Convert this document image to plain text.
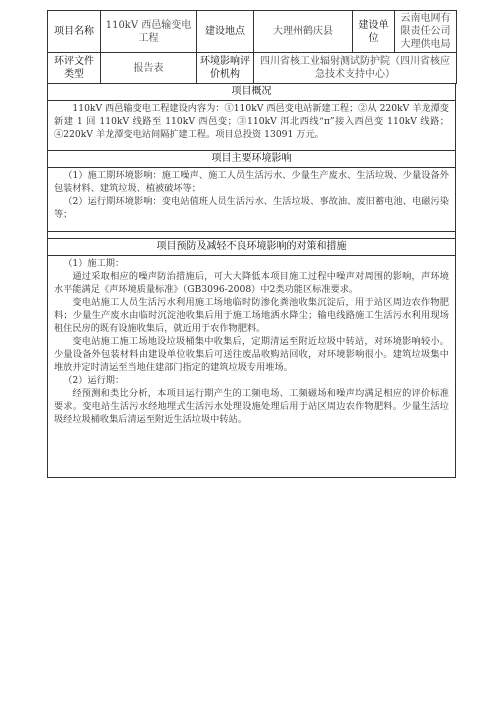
项目名称	110kV 西邑输变电工程	建设地点	大理州鹤庆县	建设单位	云南电网有限责任公司大理供电局
环评文件类型	报告表	环境影响评价机构	四川省核工业辐射测试防护院（四川省核应急技术支持中心）		
项目概况

110kV 西邑输变电工程建设内容为：①110kV 西邑变电站新建工程；②从 220kV 羊龙潭变新建 1 回 110kV 线路至 110kV 西邑变；③110kV 洱北西线“π”接入西邑变 110kV 线路；④220kV 羊龙潭变电站间隔扩建工程。项目总投资 13091 万元。

项目主要环境影响

（1）施工期环境影响：施工噪声、施工人员生活污水、少量生产废水、生活垃圾、少量设备外包装材料、建筑垃圾、植被破坏等；

（2）运行期环境影响：变电站值班人员生活污水、生活垃圾、事故油、废旧蓄电池、电磁污染等；

项目预防及减轻不良环境影响的对策和措施

（1）施工期：

通过采取相应的噪声防治措施后，可大大降低本项目施工过程中噪声对周围的影响，声环境水平能满足《声环境质量标准》（GB3096-2008）中2类功能区标准要求。

变电站施工人员生活污水利用施工场地临时防渗化粪池收集沉淀后，用于站区周边农作物肥料；少量生产废水由临时沉淀池收集后用于施工场地洒水降尘；输电线路施工生活污水利用现场租住民房的既有设施收集后，就近用于农作物肥料。

变电站施工施工场地设垃圾桶集中收集后，定期清运至附近垃圾中转站，对环境影响较小。少量设备外包装材料由建设单位收集后可送往废品收购站回收，对环境影响很小。建筑垃圾集中堆放并定时清运至当地住建部门指定的建筑垃圾专用堆场。

（2）运行期：

经预测和类比分析，本项目运行期产生的工频电场、工频磁场和噪声均满足相应的评价标准要求。变电站生活污水经地埋式生活污水处理设施处理后用于站区周边农作物肥料。少量生活垃圾经垃圾桶收集后清运至附近生活垃圾中转站。
